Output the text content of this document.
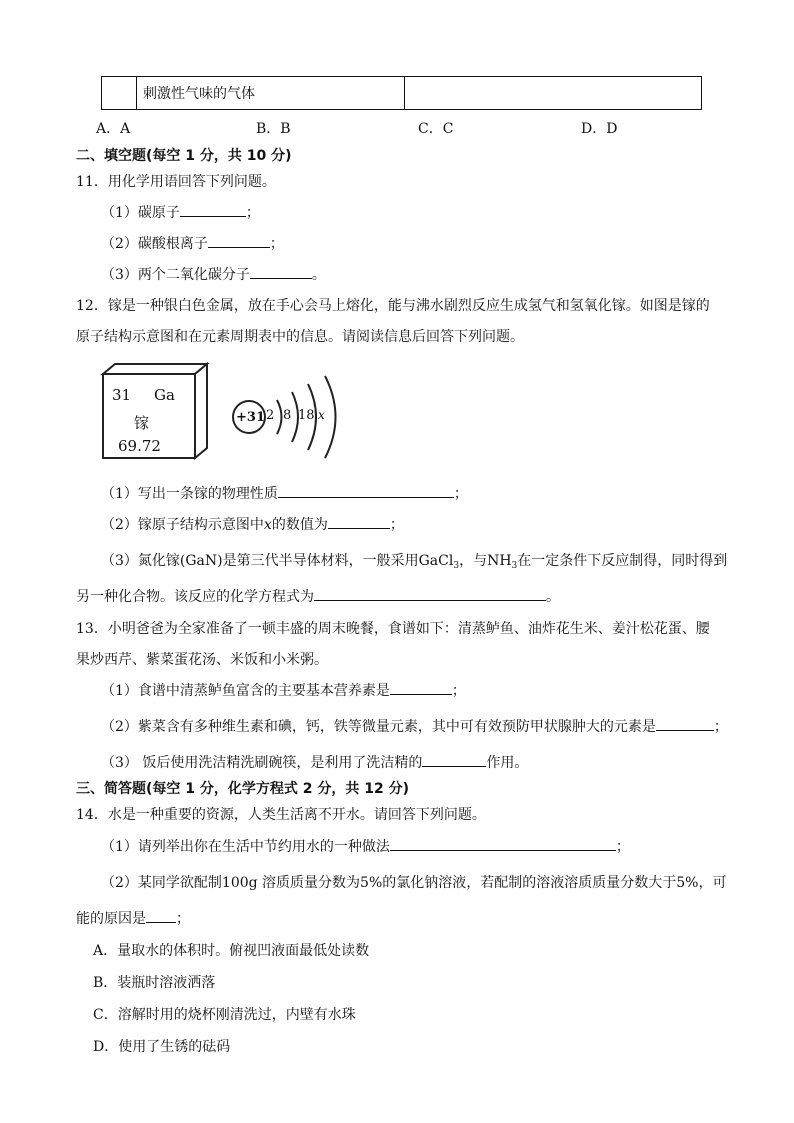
	刺激性气味的气体	
A．A	B．B	C．C	D．D
二、填空题(每空 1 分，共 10 分)
11．用化学用语回答下列问题。
（1）碳原子	；
（2）碳酸根离子	；
（3）两个二氧化碳分子	。
12．镓是一种银白色金属，放在手心会马上熔化，能与沸水剧烈反应生成氢气和氢氧化镓。如图是镓的
原子结构示意图和在元素周期表中的信息。请阅读信息后回答下列问题。
31 Ga
镓
69.72
+31 2 8 18 x
（1）写出一条镓的物理性质	；
（2）镓原子结构示意图中x的数值为	；
（3）氮化镓(GaN)是第三代半导体材料，一般采用GaCl$_3$，与$NH_3$在一定条件下反应制得，同时得到
另一种化合物。该反应的化学方程式为	。
13．小明爸爸为全家准备了一顿丰盛的周末晚餐，食谱如下：清蒸鲈鱼、油炸花生米、姜汁松花蛋、腰
果炒西芹、紫菜蛋花汤、米饭和小米粥。
（1）食谱中清蒸鲈鱼富含的主要基本营养素是	；
（2）紫菜含有多种维生素和碘，钙，铁等微量元素，其中可有效预防甲状腺肿大的元素是	；
（3） 饭后使用洗洁精洗刷碗筷，是利用了洗洁精的	作用。
三、简答题(每空 1 分，化学方程式 2 分，共 12 分)
14．水是一种重要的资源，人类生活离不开水。请回答下列问题。
（1）请列举出你在生活中节约用水的一种做法	；
（2）某同学欲配制100g 溶质质量分数为5%的氯化钠溶液，若配制的溶液溶质质量分数大于5%，可
能的原因是 ；
A．量取水的体积时。俯视凹液面最低处读数
B．装瓶时溶液洒落
C．溶解时用的烧杯刚清洗过，内壁有水珠
D．使用了生锈的砝码
